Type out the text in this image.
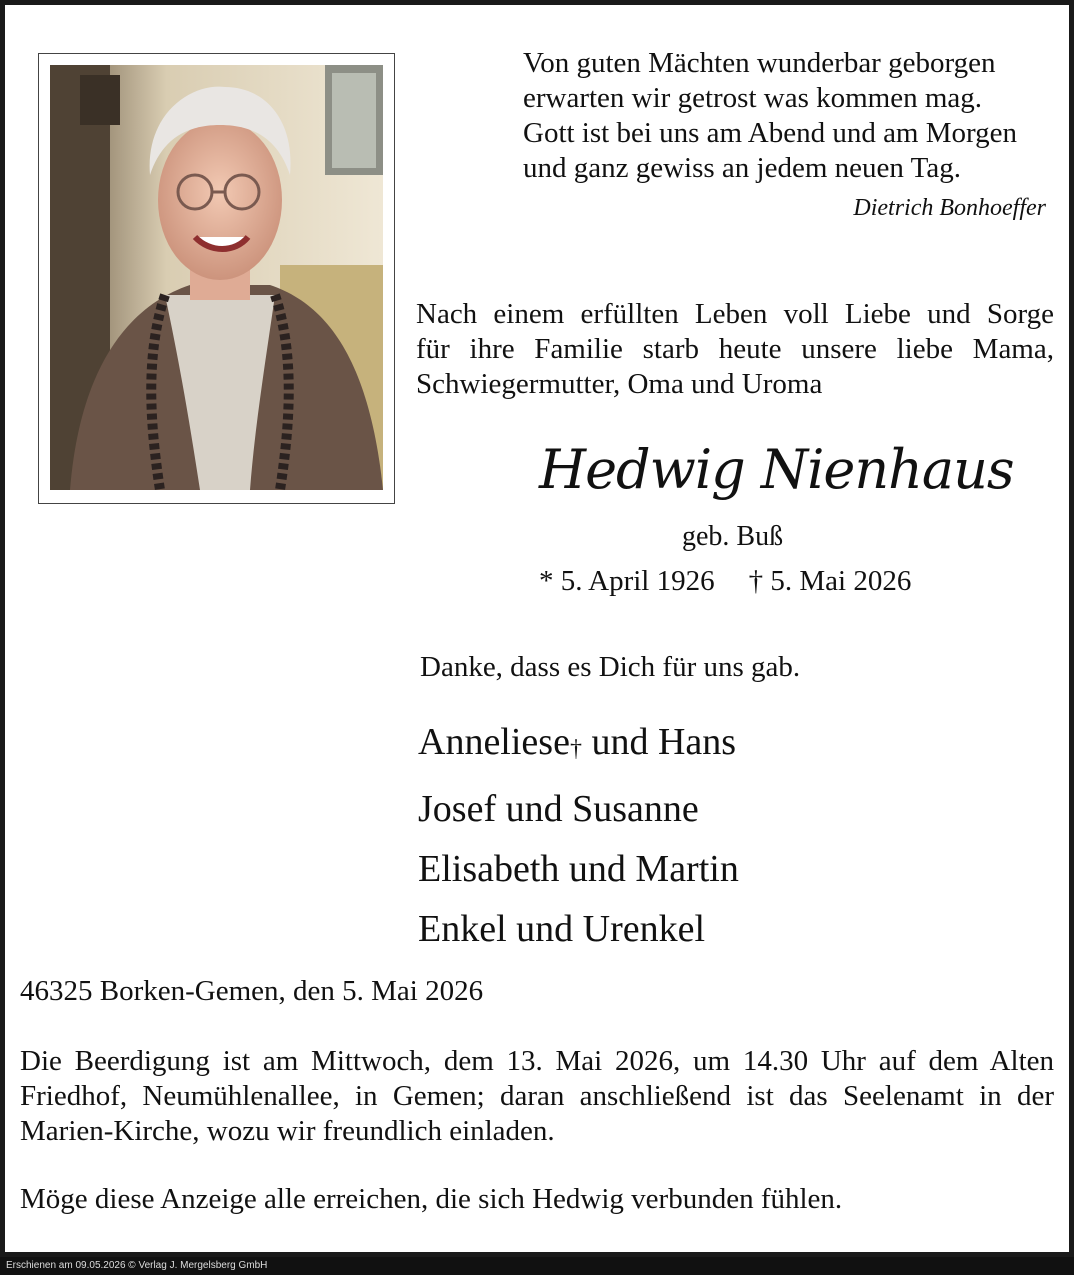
Von guten Mächten wunderbar geborgen
erwarten wir getrost was kommen mag.
Gott ist bei uns am Abend und am Morgen
und ganz gewiss an jedem neuen Tag.
Dietrich Bonhoeffer
Nach einem erfüllten Leben voll Liebe und Sorge
für ihre Familie starb heute unsere liebe Mama,
Schwiegermutter, Oma und Uroma
Hedwig Nienhaus
geb. Buß
* 5. April 1926 † 5. Mai 2026
Danke, dass es Dich für uns gab.
Anneliese† und Hans
Josef und Susanne
Elisabeth und Martin
Enkel und Urenkel
46325 Borken-Gemen, den 5. Mai 2026
Die Beerdigung ist am Mittwoch, dem 13. Mai 2026, um 14.30 Uhr auf dem Alten
Friedhof, Neumühlenallee, in Gemen; daran anschließend ist das Seelenamt in der
Marien-Kirche, wozu wir freundlich einladen.
Möge diese Anzeige alle erreichen, die sich Hedwig verbunden fühlen.
Erschienen am 09.05.2026 © Verlag J. Mergelsberg GmbH
